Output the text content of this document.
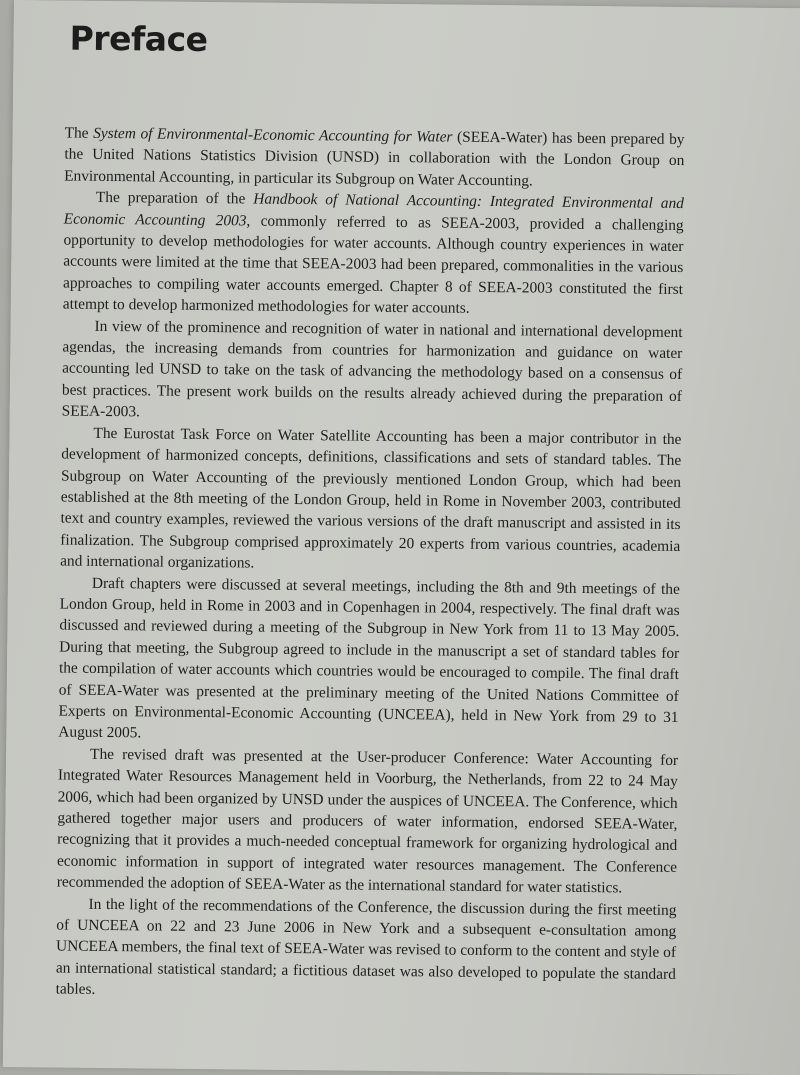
Preface

The System of Environmental-Economic Accounting for Water (SEEA-Water) has been prepared by the United Nations Statistics Division (UNSD) in collaboration with the London Group on Environmental Accounting, in particular its Subgroup on Water Accounting.

The preparation of the Handbook of National Accounting: Integrated Environmental and Economic Accounting 2003, commonly referred to as SEEA-2003, provided a challenging opportunity to develop methodologies for water accounts. Although country experiences in water accounts were limited at the time that SEEA-2003 had been prepared, commonalities in the various approaches to compiling water accounts emerged. Chapter 8 of SEEA-2003 constituted the first attempt to develop harmonized methodologies for water accounts.

In view of the prominence and recognition of water in national and international development agendas, the increasing demands from countries for harmonization and guidance on water accounting led UNSD to take on the task of advancing the methodology based on a consensus of best practices. The present work builds on the results already achieved during the preparation of SEEA-2003.

The Eurostat Task Force on Water Satellite Accounting has been a major contributor in the development of harmonized concepts, definitions, classifications and sets of standard tables. The Subgroup on Water Accounting of the previously mentioned London Group, which had been established at the 8th meeting of the London Group, held in Rome in November 2003, contributed text and country examples, reviewed the various versions of the draft manuscript and assisted in its finalization. The Subgroup comprised approximately 20 experts from various countries, academia and international organizations.

Draft chapters were discussed at several meetings, including the 8th and 9th meetings of the London Group, held in Rome in 2003 and in Copenhagen in 2004, respectively. The final draft was discussed and reviewed during a meeting of the Subgroup in New York from 11 to 13 May 2005. During that meeting, the Subgroup agreed to include in the manuscript a set of standard tables for the compilation of water accounts which countries would be encouraged to compile. The final draft of SEEA-Water was presented at the preliminary meeting of the United Nations Committee of Experts on Environmental-Economic Accounting (UNCEEA), held in New York from 29 to 31 August 2005.

The revised draft was presented at the User-producer Conference: Water Accounting for Integrated Water Resources Management held in Voorburg, the Netherlands, from 22 to 24 May 2006, which had been organized by UNSD under the auspices of UNCEEA. The Conference, which gathered together major users and producers of water information, endorsed SEEA-Water, recognizing that it provides a much-needed conceptual framework for organizing hydrological and economic information in support of integrated water resources management. The Conference recommended the adoption of SEEA-Water as the international standard for water statistics.

In the light of the recommendations of the Conference, the discussion during the first meeting of UNCEEA on 22 and 23 June 2006 in New York and a subsequent e-consultation among UNCEEA members, the final text of SEEA-Water was revised to conform to the content and style of an international statistical standard; a fictitious dataset was also developed to populate the standard tables.
